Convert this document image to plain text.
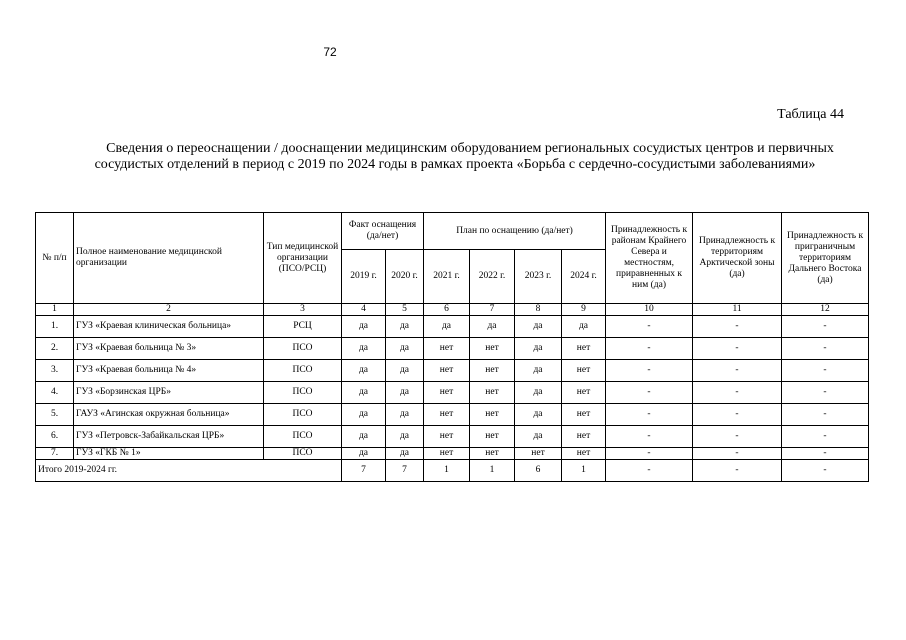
72
Таблица 44
Сведения о переоснащении / дооснащении медицинским оборудованием региональных сосудистых центров и первичных сосудистых отделений в период с 2019 по 2024 годы в рамках проекта «Борьба с сердечно-сосудистыми заболеваниями»
№ п/п	Полное наименование медицинской организации	Тип медицинской организации (ПСО/РСЦ)	Факт оснащения (да/нет)		План по оснащению (да/нет)				Принадлежность к районам Крайнего Севера и местностям, приравненных к ним (да)	Принадлежность к территориям Арктической зоны (да)	Принадлежность к приграничным территориям Дальнего Востока (да)
			2019 г.	2020 г.	2021 г.	2022 г.	2023 г.	2024 г.			
1	2	3	4	5	6	7	8	9	10	11	12
1.	ГУЗ «Краевая клиническая больница»	РСЦ	да	да	да	да	да	да	-	-	-
2.	ГУЗ «Краевая больница № 3»	ПСО	да	да	нет	нет	да	нет	-	-	-
3.	ГУЗ «Краевая больница № 4»	ПСО	да	да	нет	нет	да	нет	-	-	-
4.	ГУЗ «Борзинская ЦРБ»	ПСО	да	да	нет	нет	да	нет	-	-	-
5.	ГАУЗ «Агинская окружная больница»	ПСО	да	да	нет	нет	да	нет	-	-	-
6.	ГУЗ «Петровск-Забайкальская ЦРБ»	ПСО	да	да	нет	нет	да	нет	-	-	-
7.	ГУЗ «ГКБ № 1»	ПСО	да	да	нет	нет	нет	нет	-	-	-
Итого 2019-2024 гг.			7	7	1	1	6	1	-	-	-
